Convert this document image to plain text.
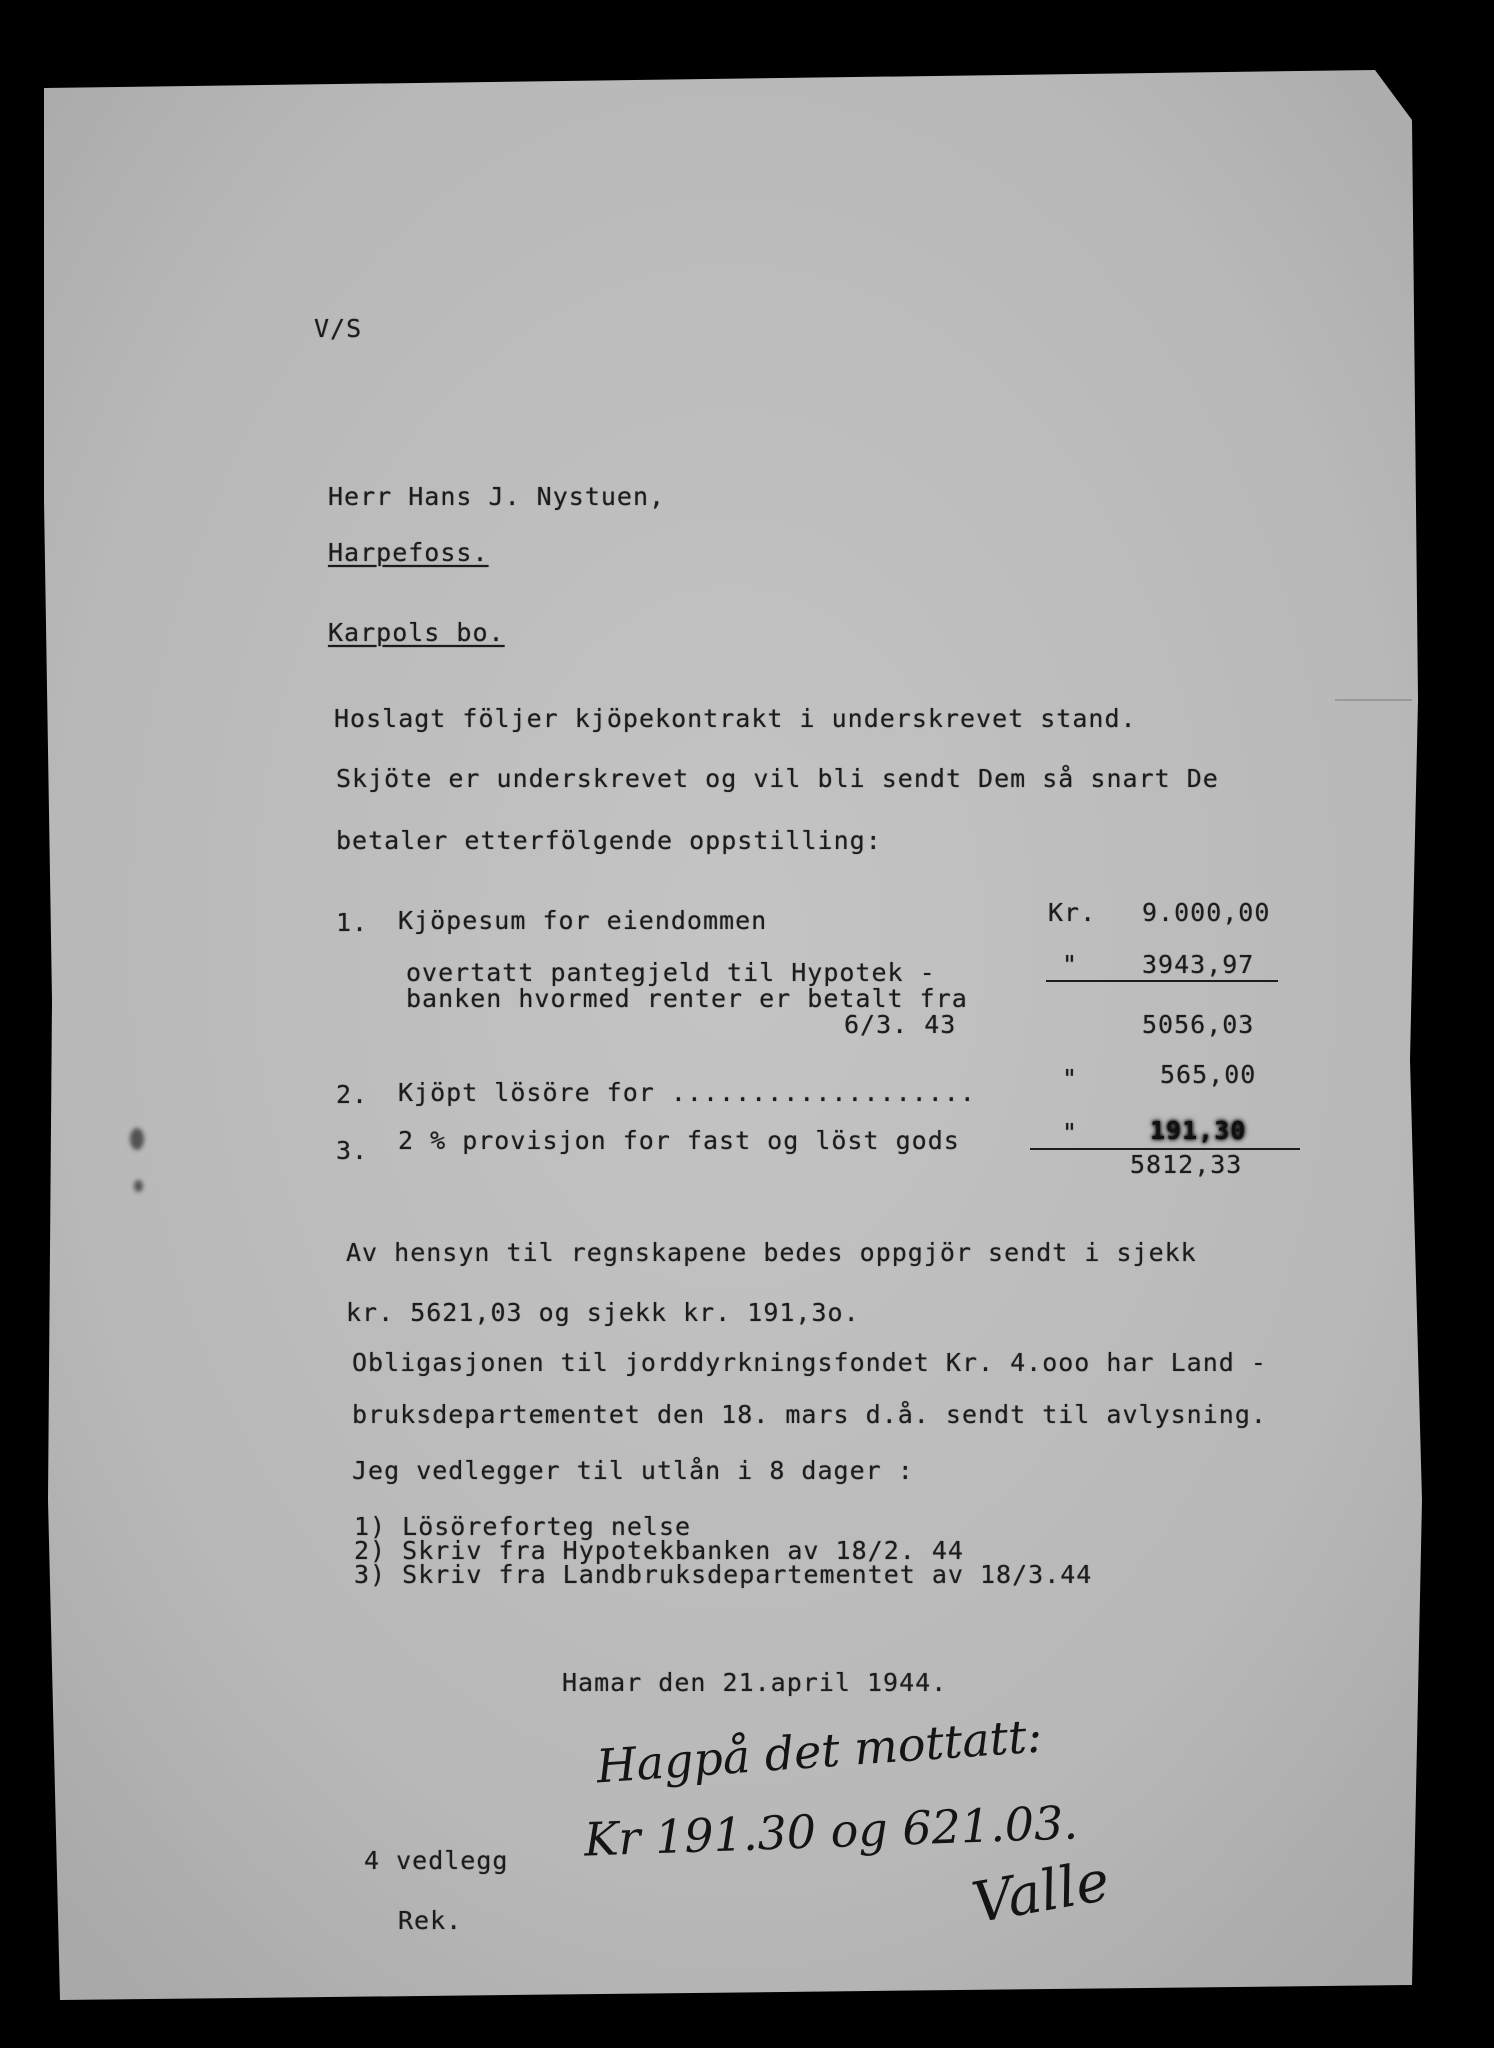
V/S
Herr Hans J. Nystuen,
Harpefoss.
Karpols bo.
Hoslagt följer kjöpekontrakt i underskrevet stand.
Skjöte er underskrevet og vil bli sendt Dem så snart De
betaler etterfölgende oppstilling:
1. Kjöpesum for eiendommen	Kr. 9.000,00
overtatt pantegjeld til Hypotek -
banken hvormed renter er betalt fra
6/3. 43
"	3943,97
5056,03
2. Kjöpt lösöre for ...................	"	565,00
3. 2 % provisjon for fast og löst gods	"	191,30
5812,33
Av hensyn til regnskapene bedes oppgjör sendt i sjekk
kr. 5621,03 og sjekk kr. 191,3o.
Obligasjonen til jorddyrkningsfondet Kr. 4.ooo har Land -
bruksdepartementet den 18. mars d.å. sendt til avlysning.
Jeg vedlegger til utlån i 8 dager :
1) Lösöreforteg nelse
2) Skriv fra Hypotekbanken av 18/2. 44
3) Skriv fra Landbruksdepartementet av 18/3.44
Hamar den 21.april 1944.
Hagpå det mottatt:
Kr 191.30 og 621.03.
Valle
4 vedlegg
Rek.
